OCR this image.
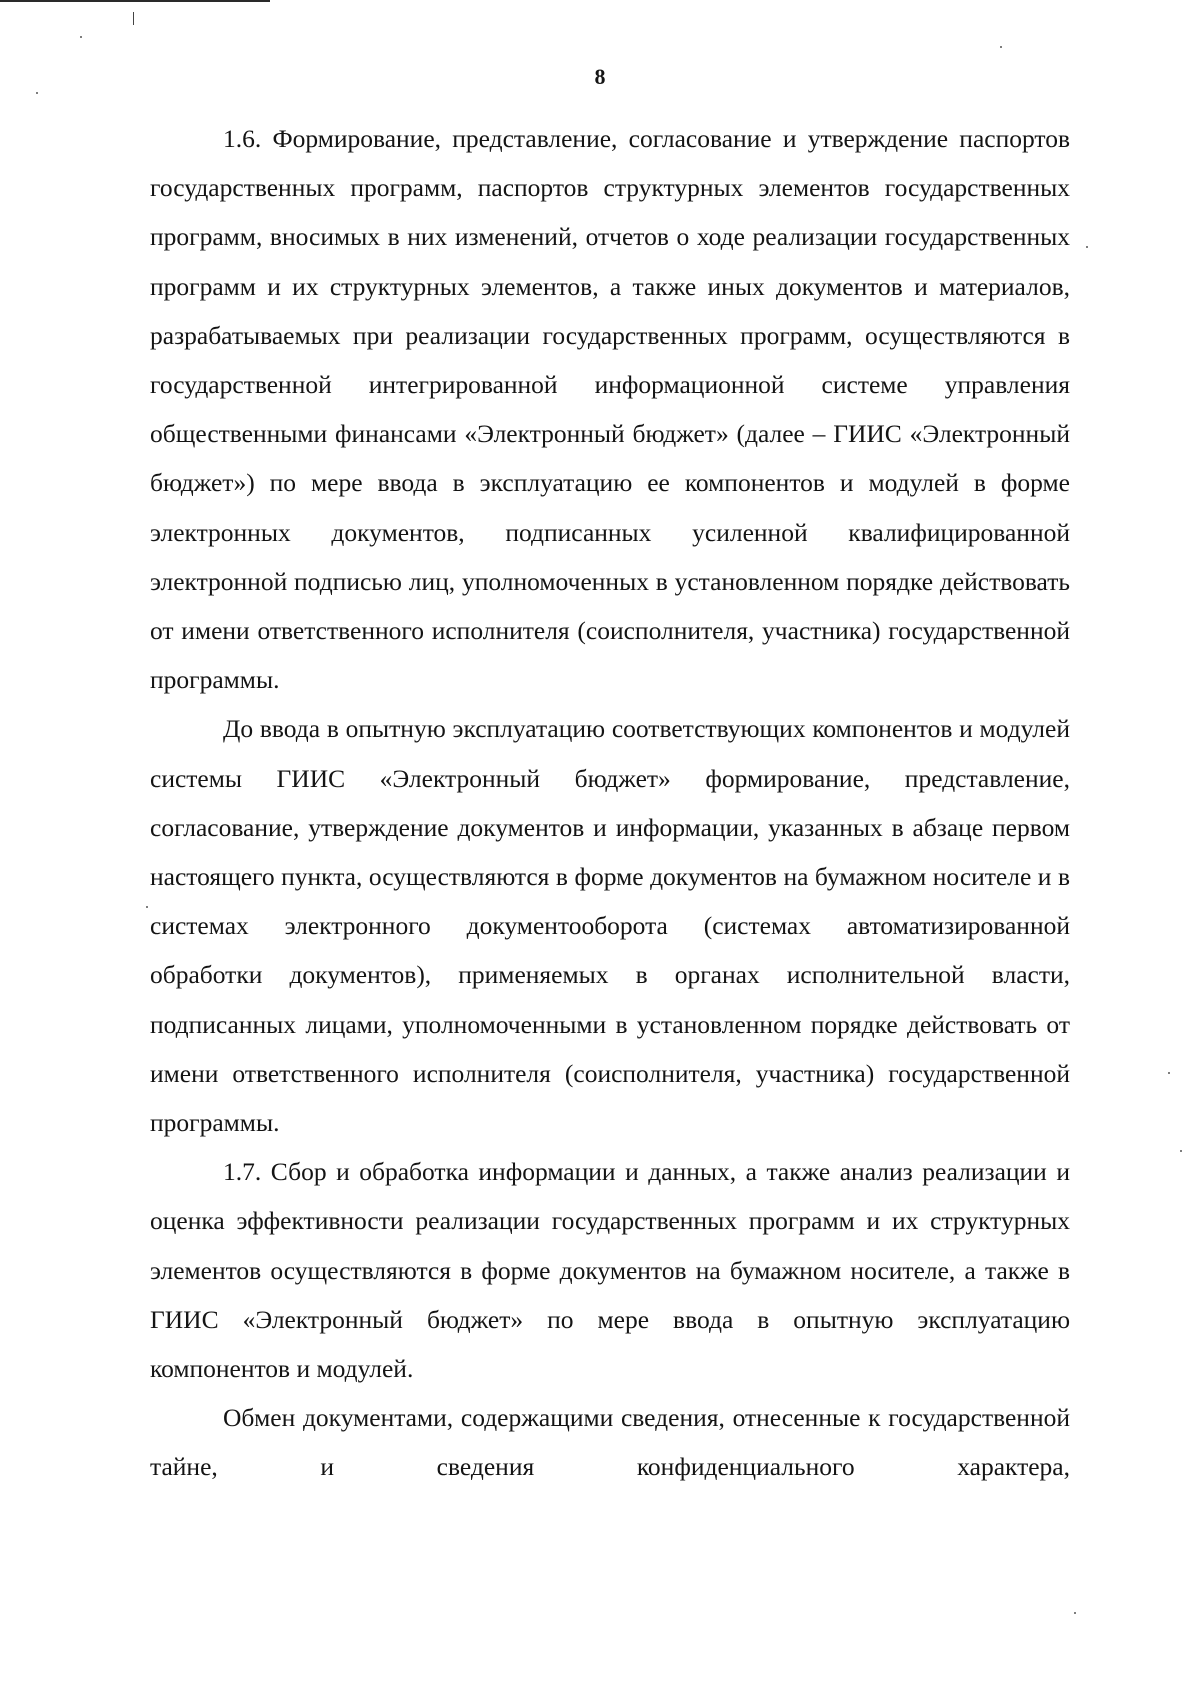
8

1.6. Формирование, представление, согласование и утверждение паспортов государственных программ, паспортов структурных элементов государственных программ, вносимых в них изменений, отчетов о ходе реализации государственных программ и их структурных элементов, а также иных документов и материалов, разрабатываемых при реализации государственных программ, осуществляются в государственной интегрированной информационной системе управления общественными финансами «Электронный бюджет» (далее – ГИИС «Электронный бюджет») по мере ввода в эксплуатацию ее компонентов и модулей в форме электронных документов, подписанных усиленной квалифицированной электронной подписью лиц, уполномоченных в установленном порядке действовать от имени ответственного исполнителя (соисполнителя, участника) государственной программы.

До ввода в опытную эксплуатацию соответствующих компонентов и модулей системы ГИИС «Электронный бюджет» формирование, представление, согласование, утверждение документов и информации, указанных в абзаце первом настоящего пункта, осуществляются в форме документов на бумажном носителе и в системах электронного документооборота (системах автоматизированной обработки документов), применяемых в органах исполнительной власти, подписанных лицами, уполномоченными в установленном порядке действовать от имени ответственного исполнителя (соисполнителя, участника) государственной программы.

1.7. Сбор и обработка информации и данных, а также анализ реализации и оценка эффективности реализации государственных программ и их структурных элементов осуществляются в форме документов на бумажном носителе, а также в ГИИС «Электронный бюджет» по мере ввода в опытную эксплуатацию компонентов и модулей.

Обмен документами, содержащими сведения, отнесенные к государственной тайне, и сведения конфиденциального характера,
